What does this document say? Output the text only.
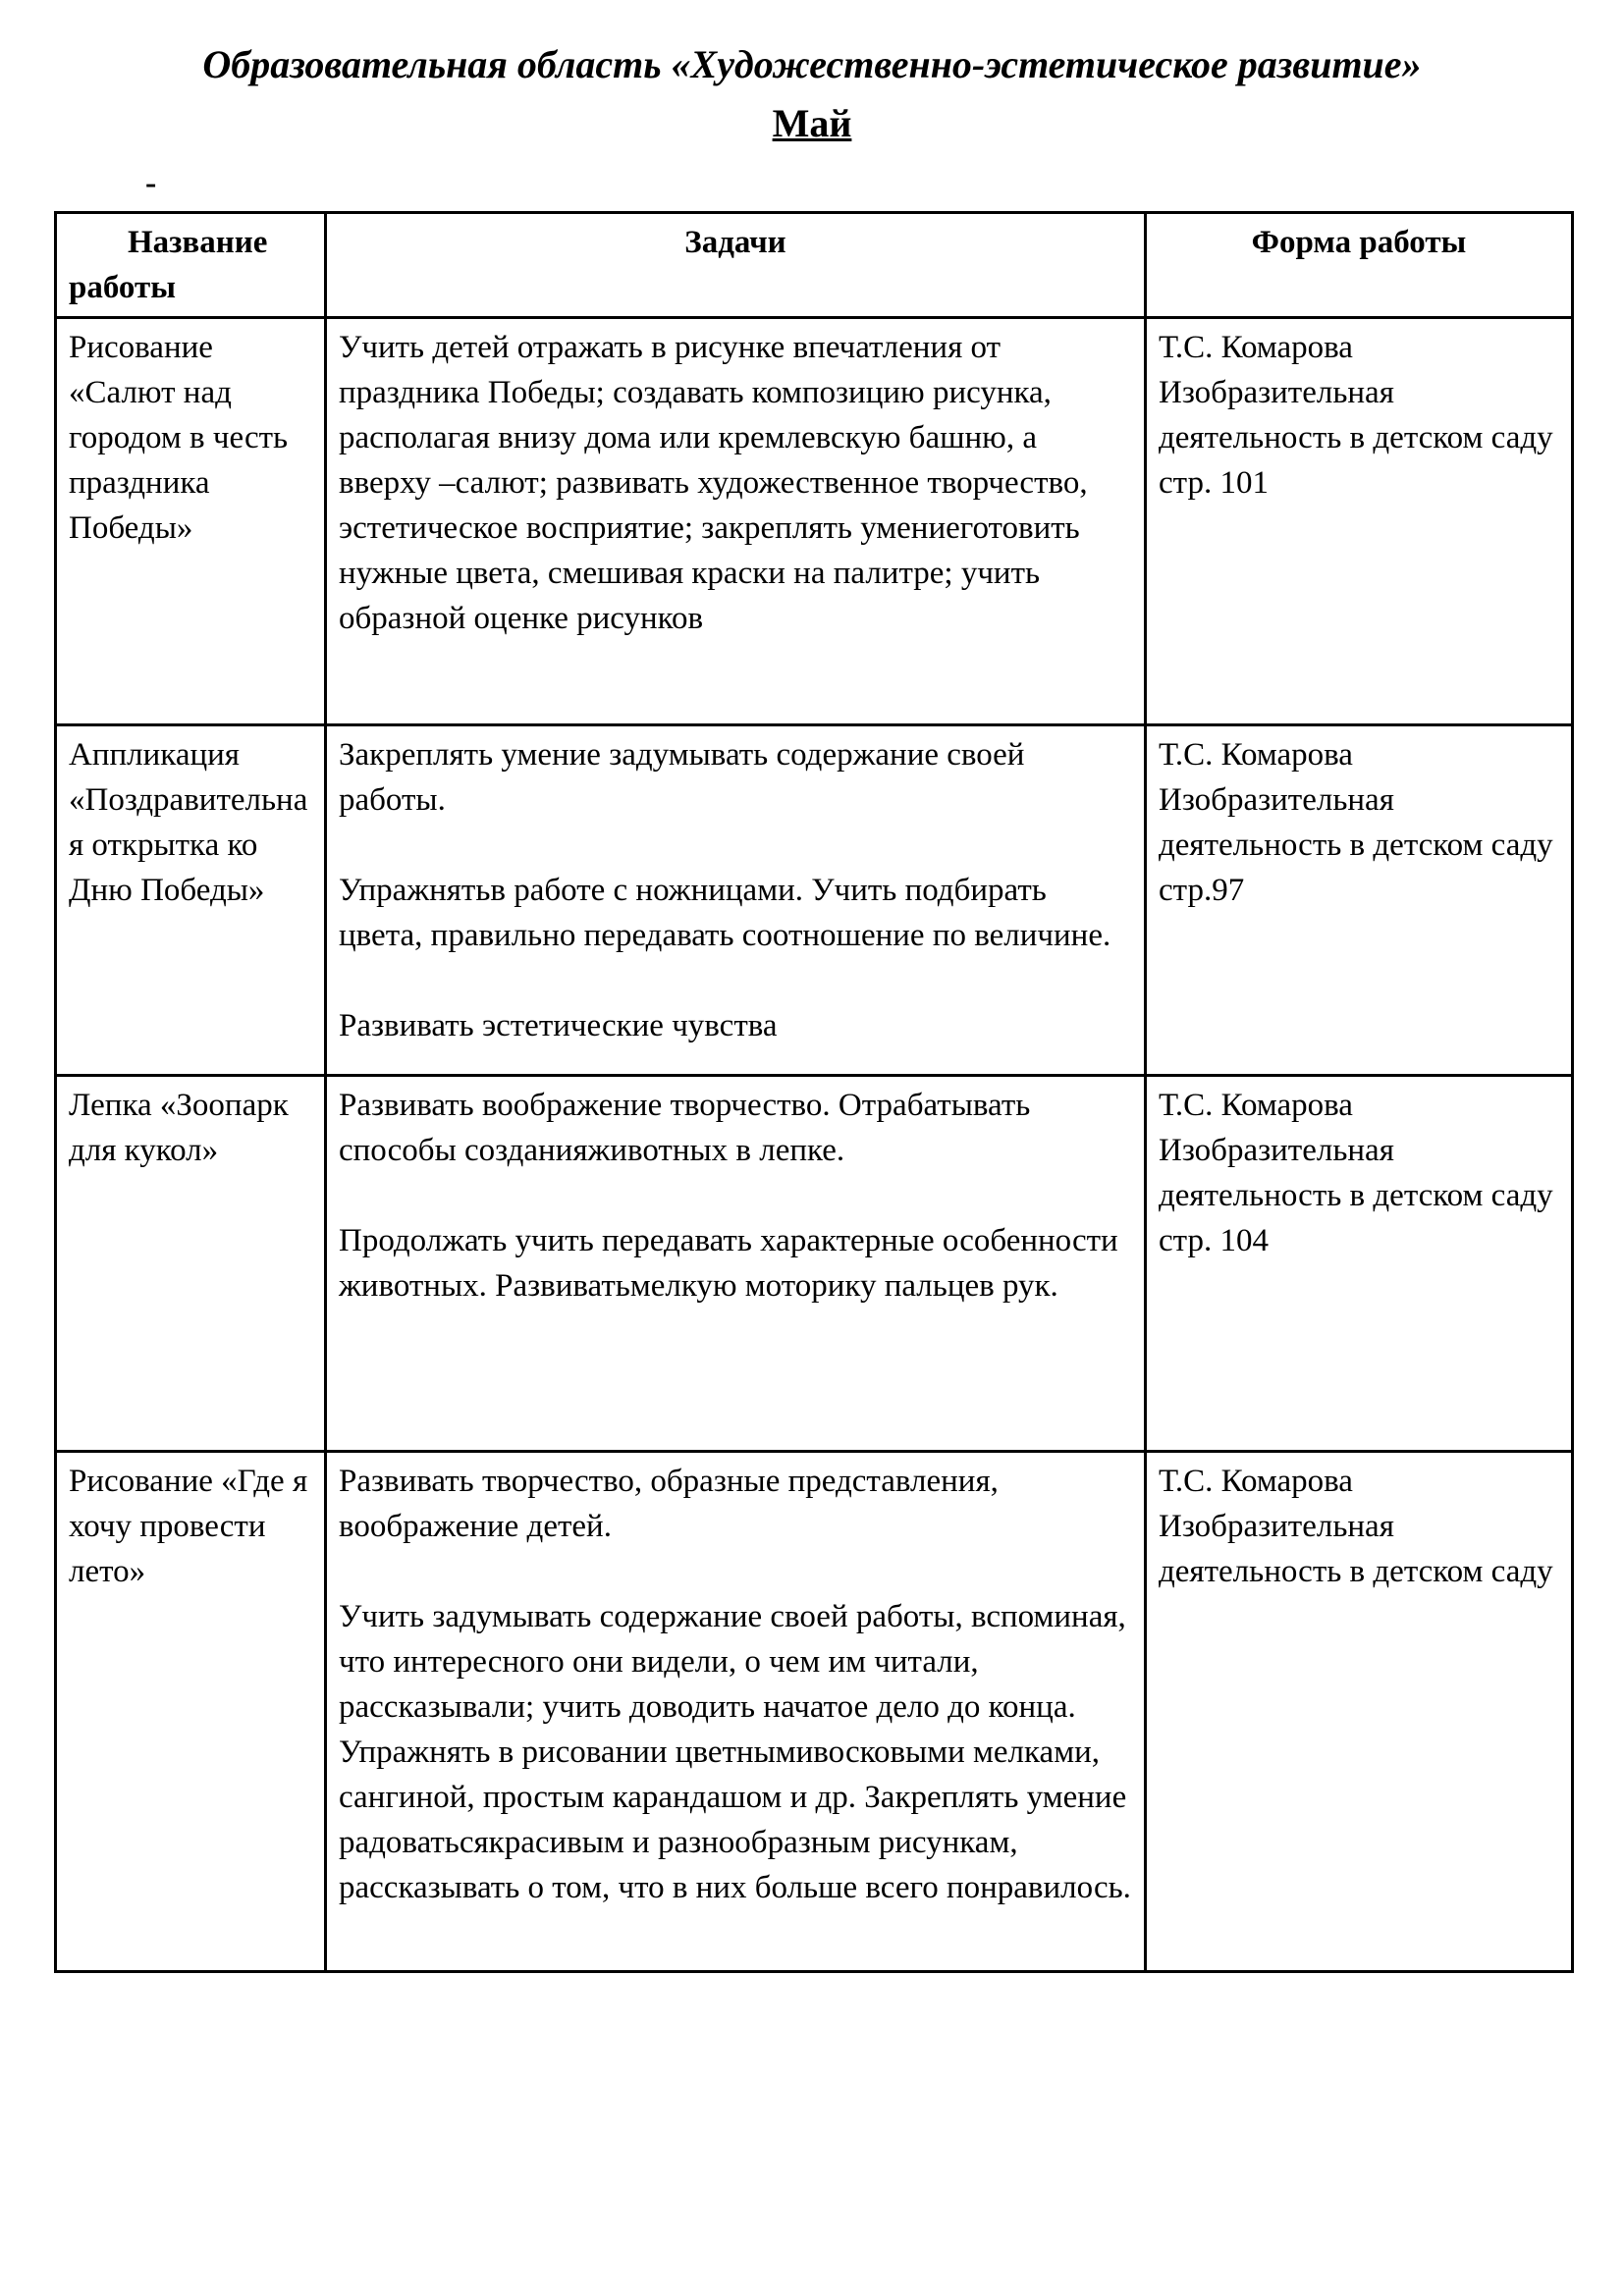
Образовательная область «Художественно-эстетическое развитие»
Май
-
Название работы	Задачи	Форма работы
Рисование «Салют над городом в честь праздника Победы»	Учить детей отражать в рисунке впечатления от праздника Победы; создавать композицию рисунка, располагая внизу дома или кремлевскую башню, а вверху –салют; развивать художественное творчество, эстетическое восприятие; закреплять умениеготовить нужные цвета, смешивая краски на палитре; учить образной оценке рисунков	Т.С. Комарова Изобразительная деятельность в детском саду стр. 101
Аппликация «Поздравительная открытка ко Дню Победы»	Закреплять умение задумывать содержание своей работы.

Упражнятьв работе с ножницами. Учить подбирать цвета, правильно передавать соотношение по величине.

Развивать эстетические чувства	Т.С. Комарова Изобразительная деятельность в детском саду стр.97
Лепка «Зоопарк для кукол»	Развивать воображение творчество. Отрабатывать способы созданияживотных в лепке.

Продолжать учить передавать характерные особенности животных. Развиватьмелкую моторику пальцев рук.	Т.С. Комарова Изобразительная деятельность в детском саду стр. 104
Рисование «Где я хочу провести лето»	Развивать творчество, образные представления, воображение детей.

Учить задумывать содержание своей работы, вспоминая, что интересного они видели, о чем им читали, рассказывали; учить доводить начатое дело до конца. Упражнять в рисовании цветнымивосковыми мелками, сангиной, простым карандашом и др. Закреплять умение радоватьсякрасивым и разнообразным рисункам, рассказывать о том, что в них больше всего понравилось.	Т.С. Комарова Изобразительная деятельность в детском саду
